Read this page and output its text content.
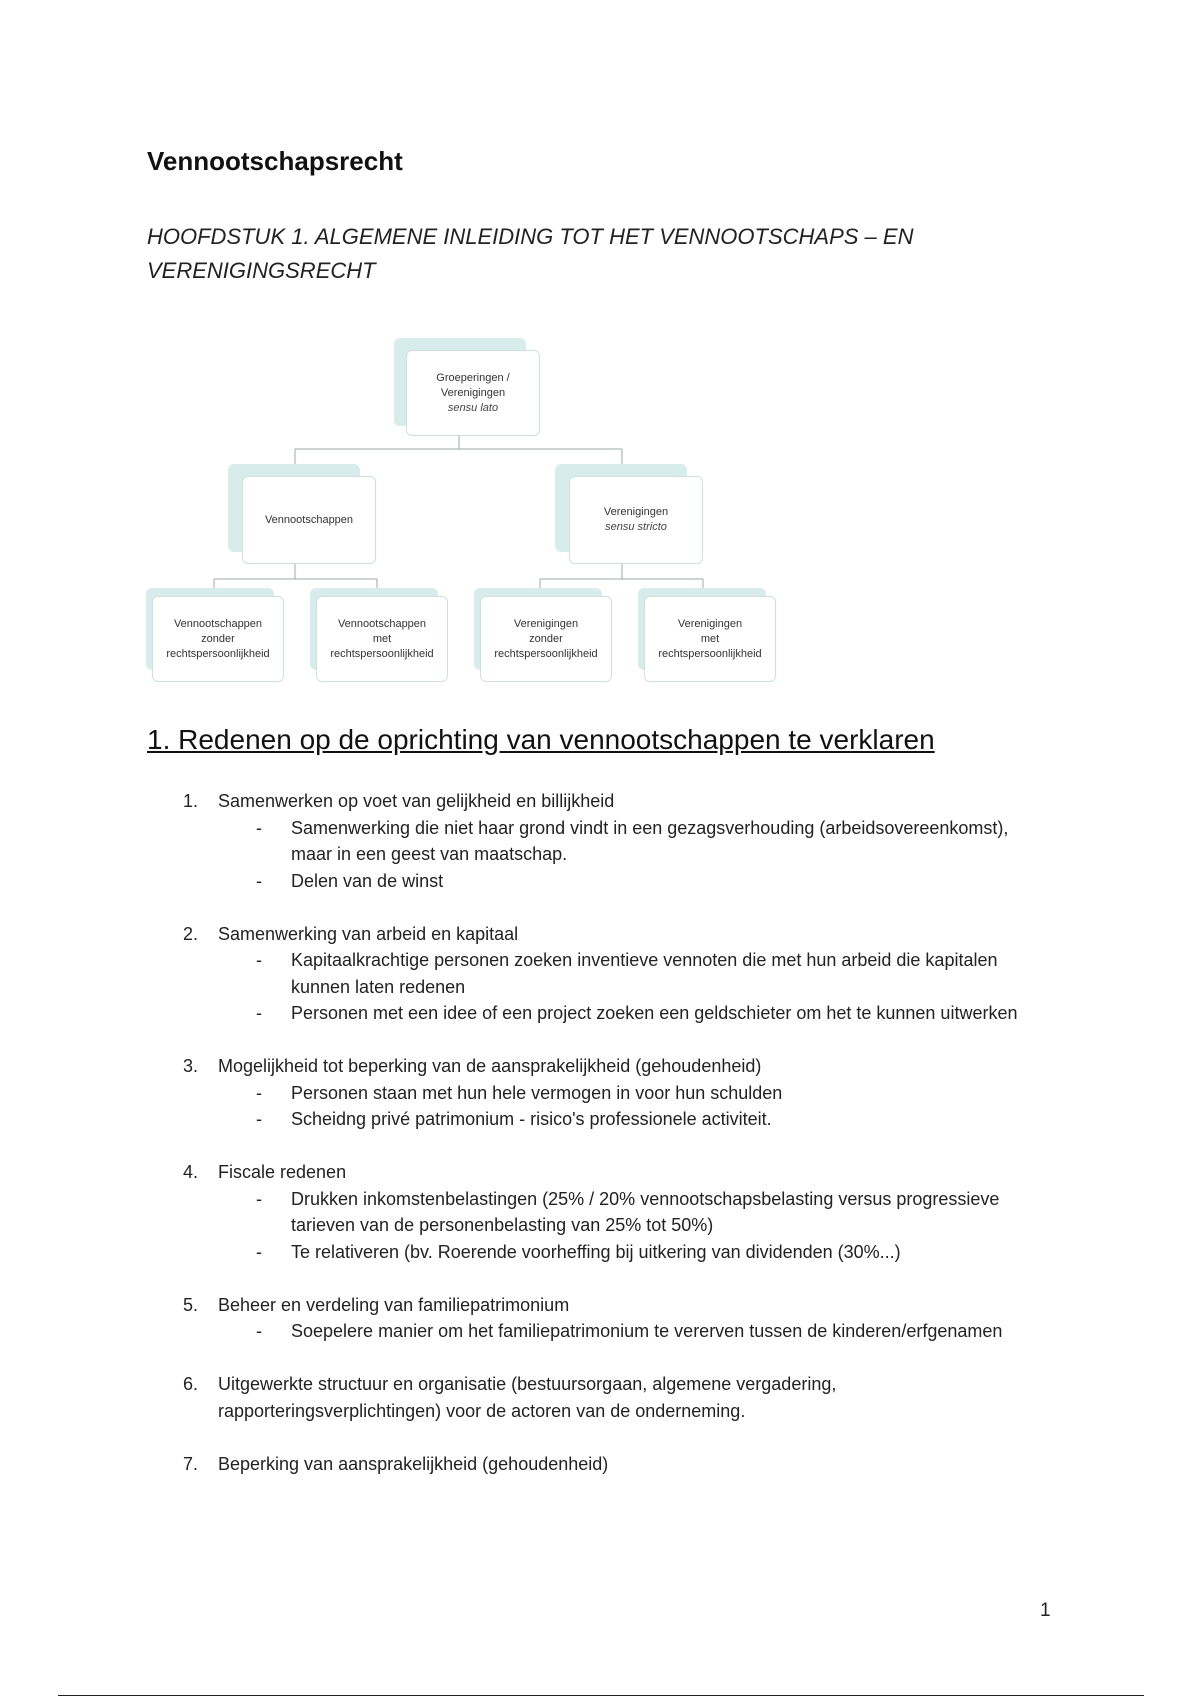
Vennootschapsrecht
HOOFDSTUK 1. ALGEMENE INLEIDING TOT HET VENNOOTSCHAPS – EN VERENIGINGSRECHT
Groeperingen /
Verenigingen
sensu lato
Vennootschappen
Verenigingen
sensu stricto
Vennootschappen
zonder
rechtspersoonlijkheid
Vennootschappen
met
rechtspersoonlijkheid
Verenigingen
zonder
rechtspersoonlijkheid
Verenigingen
met
rechtspersoonlijkheid
1. Redenen op de oprichting van vennootschappen te verklaren
1. Samenwerken op voet van gelijkheid en billijkheid
- Samenwerking die niet haar grond vindt in een gezagsverhouding (arbeidsovereenkomst), maar in een geest van maatschap.
- Delen van de winst
2. Samenwerking van arbeid en kapitaal
- Kapitaalkrachtige personen zoeken inventieve vennoten die met hun arbeid die kapitalen kunnen laten redenen
- Personen met een idee of een project zoeken een geldschieter om het te kunnen uitwerken
3. Mogelijkheid tot beperking van de aansprakelijkheid (gehoudenheid)
- Personen staan met hun hele vermogen in voor hun schulden
- Scheidng privé patrimonium - risico's professionele activiteit.
4. Fiscale redenen
- Drukken inkomstenbelastingen (25% / 20% vennootschapsbelasting versus progressieve tarieven van de personenbelasting van 25% tot 50%)
- Te relativeren (bv. Roerende voorheffing bij uitkering van dividenden (30%...)
5. Beheer en verdeling van familiepatrimonium
- Soepelere manier om het familiepatrimonium te vererven tussen de kinderen/erfgenamen
6. Uitgewerkte structuur en organisatie (bestuursorgaan, algemene vergadering, rapporteringsverplichtingen) voor de actoren van de onderneming.
7. Beperking van aansprakelijkheid (gehoudenheid)
1
